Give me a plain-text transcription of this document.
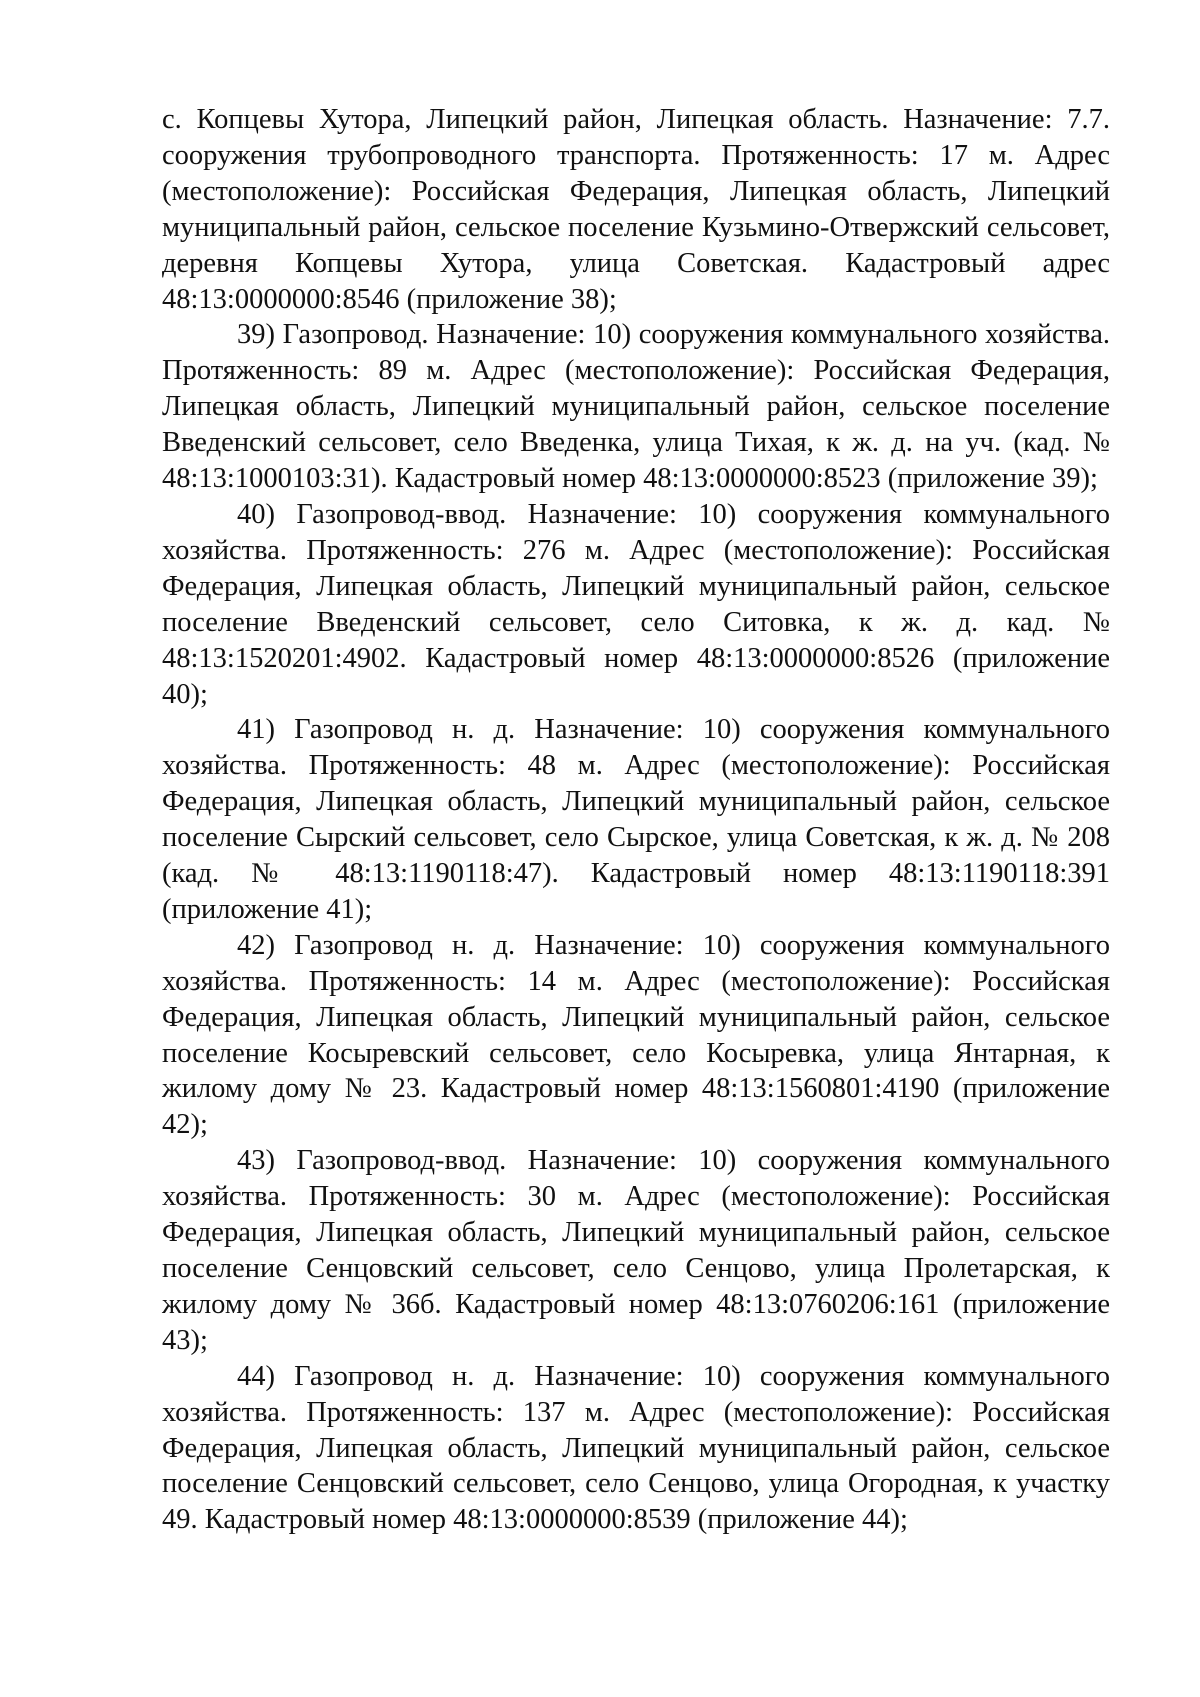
с. Копцевы Хутора, Липецкий район, Липецкая область. Назначение: 7.7. сооружения трубопроводного транспорта. Протяженность: 17 м. Адрес (местоположение): Российская Федерация, Липецкая область, Липецкий муниципальный район, сельское поселение Кузьмино-Отвержский сельсовет, деревня Копцевы Хутора, улица Советская. Кадастровый адрес 48:13:0000000:8546 (приложение 38);

39) Газопровод. Назначение: 10) сооружения коммунального хозяйства. Протяженность: 89 м. Адрес (местоположение): Российская Федерация, Липецкая область, Липецкий муниципальный район, сельское поселение Введенский сельсовет, село Введенка, улица Тихая, к ж. д. на уч. (кад. № 48:13:1000103:31). Кадастровый номер 48:13:0000000:8523 (приложение 39);

40) Газопровод-ввод. Назначение: 10) сооружения коммунального хозяйства. Протяженность: 276 м. Адрес (местоположение): Российская Федерация, Липецкая область, Липецкий муниципальный район, сельское поселение Введенский сельсовет, село Ситовка, к ж. д. кад. № 48:13:1520201:4902. Кадастровый номер 48:13:0000000:8526 (приложение 40);

41) Газопровод н. д. Назначение: 10) сооружения коммунального хозяйства. Протяженность: 48 м. Адрес (местоположение): Российская Федерация, Липецкая область, Липецкий муниципальный район, сельское поселение Сырский сельсовет, село Сырское, улица Советская, к ж. д. № 208 (кад. № 48:13:1190118:47). Кадастровый номер 48:13:1190118:391 (приложение 41);

42) Газопровод н. д. Назначение: 10) сооружения коммунального хозяйства. Протяженность: 14 м. Адрес (местоположение): Российская Федерация, Липецкая область, Липецкий муниципальный район, сельское поселение Косыревский сельсовет, село Косыревка, улица Янтарная, к жилому дому № 23. Кадастровый номер 48:13:1560801:4190 (приложение 42);

43) Газопровод-ввод. Назначение: 10) сооружения коммунального хозяйства. Протяженность: 30 м. Адрес (местоположение): Российская Федерация, Липецкая область, Липецкий муниципальный район, сельское поселение Сенцовский сельсовет, село Сенцово, улица Пролетарская, к жилому дому № 36б. Кадастровый номер 48:13:0760206:161 (приложение 43);

44) Газопровод н. д. Назначение: 10) сооружения коммунального хозяйства. Протяженность: 137 м. Адрес (местоположение): Российская Федерация, Липецкая область, Липецкий муниципальный район, сельское поселение Сенцовский сельсовет, село Сенцово, улица Огородная, к участку 49. Кадастровый номер 48:13:0000000:8539 (приложение 44);
